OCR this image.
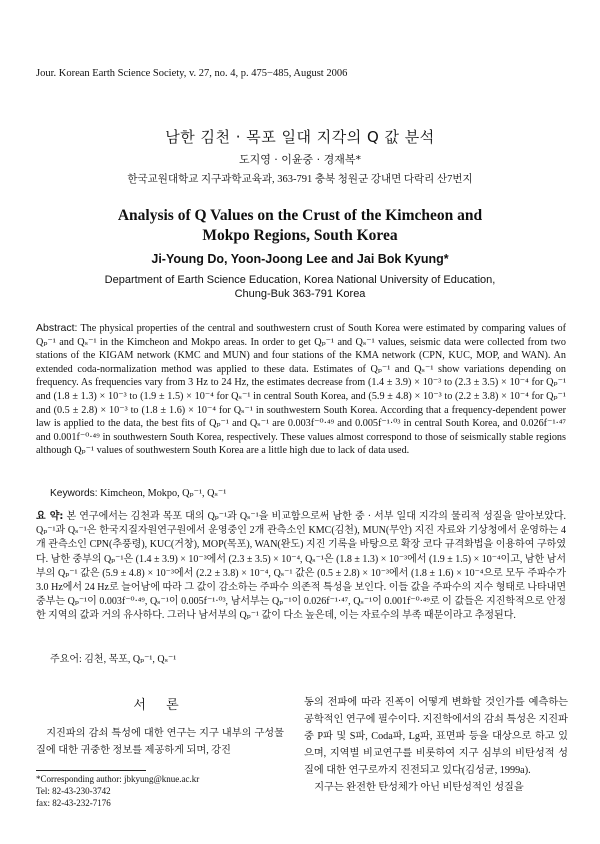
Jour. Korean Earth Science Society, v. 27, no. 4, p. 475−485, August 2006
남한 김천 · 목포 일대 지각의 Q 값 분석
도지영 · 이윤중 · 경재복*
한국교원대학교 지구과학교육과, 363-791 충북 청원군 강내면 다락리 산7번지
Analysis of Q Values on the Crust of the Kimcheon and
Mokpo Regions, South Korea
Ji-Young Do, Yoon-Joong Lee and Jai Bok Kyung*
Department of Earth Science Education, Korea National University of Education,
Chung-Buk 363-791 Korea
Abstract: The physical properties of the central and southwestern crust of South Korea were estimated by comparing values of Qₚ⁻¹ and Qₛ⁻¹ in the Kimcheon and Mokpo areas. In order to get Qₚ⁻¹ and Qₛ⁻¹ values, seismic data were collected from two stations of the KIGAM network (KMC and MUN) and four stations of the KMA network (CPN, KUC, MOP, and WAN). An extended coda-normalization method was applied to these data. Estimates of Qₚ⁻¹ and Qₛ⁻¹ show variations depending on frequency. As frequencies vary from 3 Hz to 24 Hz, the estimates decrease from (1.4 ± 3.9) × 10⁻³ to (2.3 ± 3.5) × 10⁻⁴ for Qₚ⁻¹ and (1.8 ± 1.3) × 10⁻³ to (1.9 ± 1.5) × 10⁻⁴ for Qₛ⁻¹ in central South Korea, and (5.9 ± 4.8) × 10⁻³ to (2.2 ± 3.8) × 10⁻⁴ for Qₚ⁻¹ and (0.5 ± 2.8) × 10⁻³ to (1.8 ± 1.6) × 10⁻⁴ for Qₛ⁻¹ in southwestern South Korea. According that a frequency-dependent power law is applied to the data, the best fits of Qₚ⁻¹ and Qₛ⁻¹ are 0.003f⁻⁰·⁴⁹ and 0.005f⁻¹·⁰³ in central South Korea, and 0.026f⁻¹·⁴⁷ and 0.001f⁻⁰·⁴⁹ in southwestern South Korea, respectively. These values almost correspond to those of seismically stable regions although Qₚ⁻¹ values of southwestern South Korea are a little high due to lack of data used.
Keywords: Kimcheon, Mokpo, Qₚ⁻¹, Qₛ⁻¹
요 약: 본 연구에서는 김천과 목포 대의 Qₚ⁻¹과 Qₛ⁻¹을 비교함으로써 남한 중 · 서부 일대 지각의 물리적 성질을 알아보았다. Qₚ⁻¹과 Qₛ⁻¹은 한국지질자원연구원에서 운영중인 2개 관측소인 KMC(김천), MUN(무안) 지진 자료와 기상청에서 운영하는 4개 관측소인 CPN(추풍령), KUC(거창), MOP(목포), WAN(완도) 지진 기록을 바탕으로 확장 코다 규격화법을 이용하여 구하였다. 남한 중부의 Qₚ⁻¹은 (1.4 ± 3.9) × 10⁻³에서 (2.3 ± 3.5) × 10⁻⁴, Qₛ⁻¹은 (1.8 ± 1.3) × 10⁻³에서 (1.9 ± 1.5) × 10⁻⁴이고, 남한 남서부의 Qₚ⁻¹ 값은 (5.9 ± 4.8) × 10⁻³에서 (2.2 ± 3.8) × 10⁻⁴, Qₛ⁻¹ 값은 (0.5 ± 2.8) × 10⁻³에서 (1.8 ± 1.6) × 10⁻⁴으로 모두 주파수가 3.0 Hz에서 24 Hz로 늘어남에 따라 그 값이 감소하는 주파수 의존적 특성을 보인다. 이들 값을 주파수의 지수 형태로 나타내면 중부는 Qₚ⁻¹이 0.003f⁻⁰·⁴⁹, Qₛ⁻¹이 0.005f⁻¹·⁰³, 남서부는 Qₚ⁻¹이 0.026f⁻¹·⁴⁷, Qₛ⁻¹이 0.001f⁻⁰·⁴⁹로 이 값들은 지진학적으로 안정한 지역의 값과 거의 유사하다. 그러나 남서부의 Qₚ⁻¹ 값이 다소 높은데, 이는 자료수의 부족 때문이라고 추정된다.
주요어: 김천, 목포, Qₚ⁻¹, Qₛ⁻¹
서 론
지진파의 감쇠 특성에 대한 연구는 지구 내부의 구성물질에 대한 귀중한 정보를 제공하게 되며, 강진
*Corresponding author: jbkyung@knue.ac.kr
Tel: 82-43-230-3742
fax: 82-43-232-7176
동의 전파에 따라 진폭이 어떻게 변화할 것인가를 예측하는 공학적인 연구에 필수이다. 지진학에서의 감쇠 특성은 지진파 중 P파 및 S파, Coda파, Lg파, 표면파 등을 대상으로 하고 있으며, 지역별 비교연구를 비롯하여 지구 심부의 비탄성적 성질에 대한 연구로까지 진전되고 있다(김성균, 1999a).
지구는 완전한 탄성체가 아닌 비탄성적인 성질을
